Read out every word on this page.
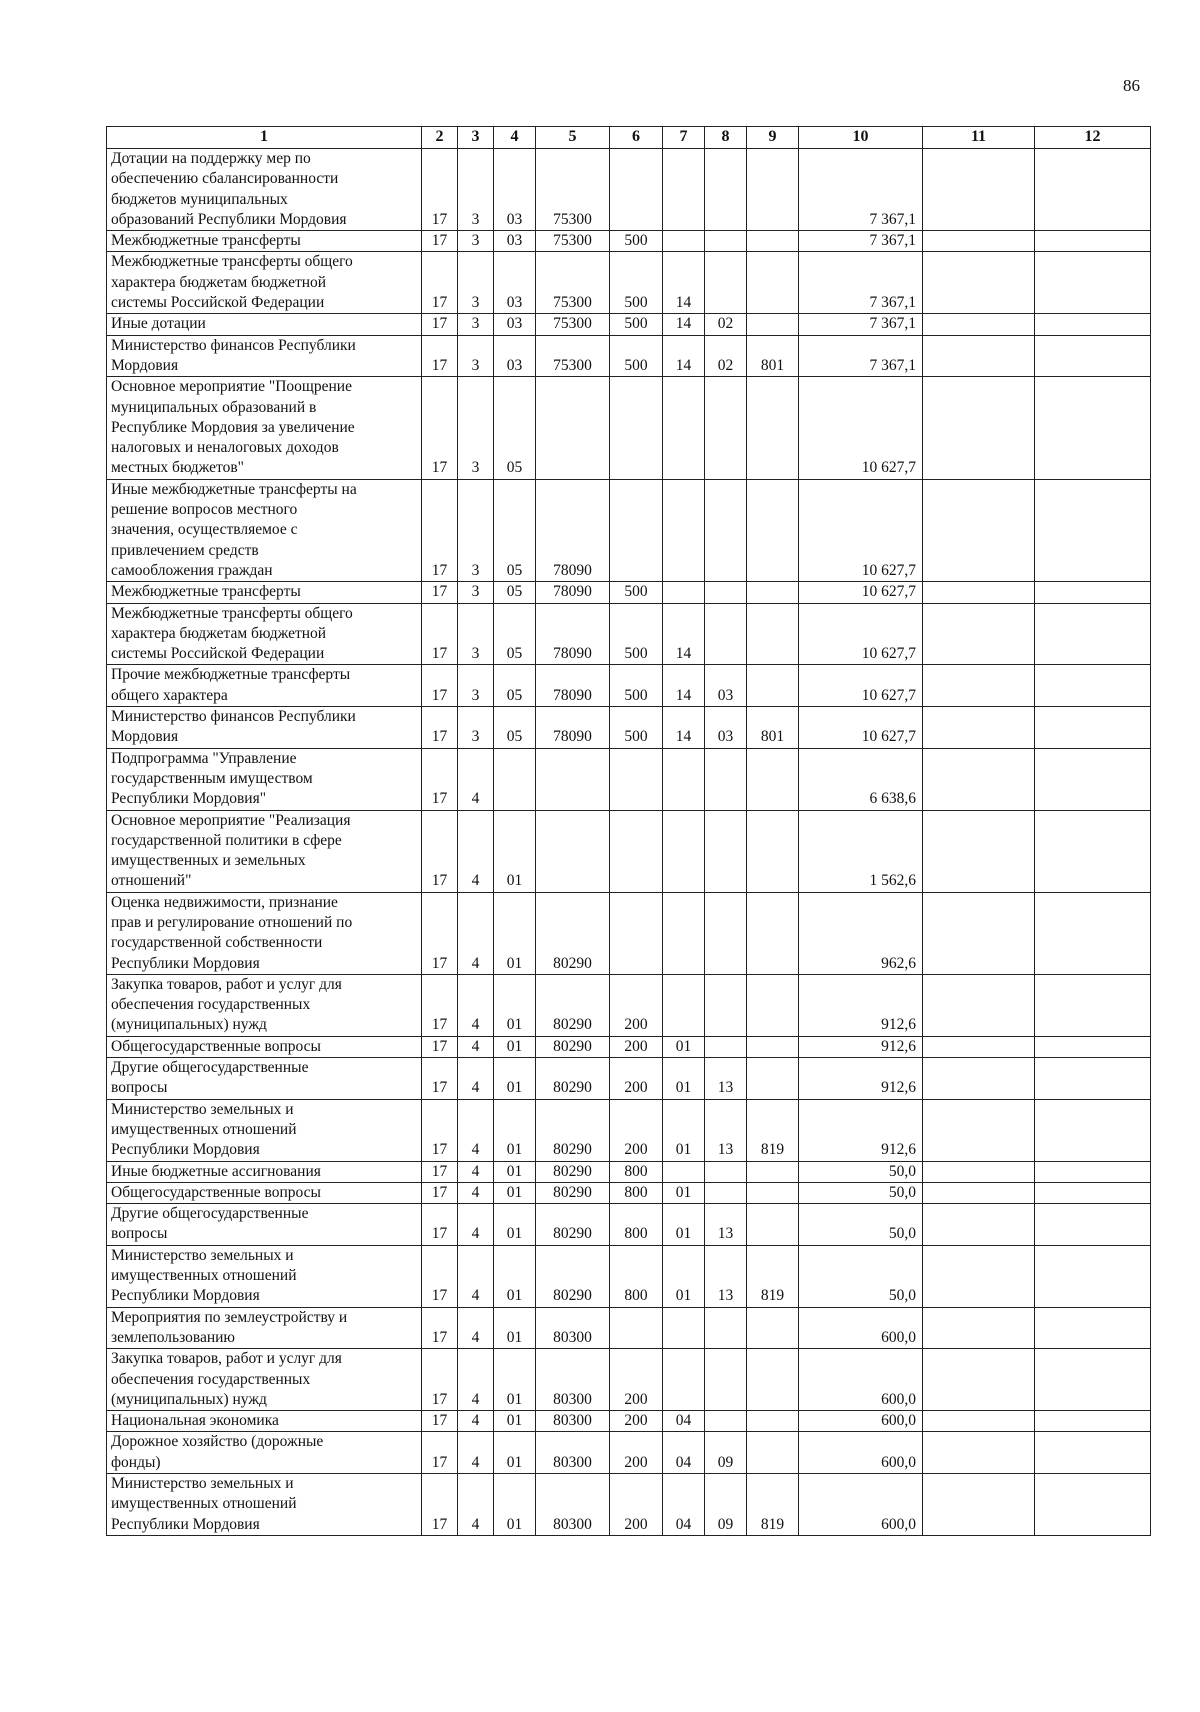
86
1	2	3	4	5	6	7	8	9	10	11	12

Дотации на поддержку мер по
обеспечению сбалансированности
бюджетов муниципальных
образований Республики Мордовия	17	3	03	75300					7 367,1		

Межбюджетные трансферты	17	3	03	75300	500				7 367,1		

Межбюджетные трансферты общего
характера бюджетам бюджетной
системы Российской Федерации	17	3	03	75300	500	14			7 367,1		

Иные дотации	17	3	03	75300	500	14	02		7 367,1		

Министерство финансов Республики
Мордовия	17	3	03	75300	500	14	02	801	7 367,1		

Основное мероприятие "Поощрение
муниципальных образований в
Республике Мордовия за увеличение
налоговых и неналоговых доходов
местных бюджетов"	17	3	05						10 627,7		

Иные межбюджетные трансферты на
решение вопросов местного
значения, осуществляемое с
привлечением средств
самообложения граждан	17	3	05	78090					10 627,7		

Межбюджетные трансферты	17	3	05	78090	500				10 627,7		

Межбюджетные трансферты общего
характера бюджетам бюджетной
системы Российской Федерации	17	3	05	78090	500	14			10 627,7		

Прочие межбюджетные трансферты
общего характера	17	3	05	78090	500	14	03		10 627,7		

Министерство финансов Республики
Мордовия	17	3	05	78090	500	14	03	801	10 627,7		

Подпрограмма "Управление
государственным имуществом
Республики Мордовия"	17	4							6 638,6		

Основное мероприятие "Реализация
государственной политики в сфере
имущественных и земельных
отношений"	17	4	01						1 562,6		

Оценка недвижимости, признание
прав и регулирование отношений по
государственной собственности
Республики Мордовия	17	4	01	80290					962,6		

Закупка товаров, работ и услуг для
обеспечения государственных
(муниципальных) нужд	17	4	01	80290	200				912,6		

Общегосударственные вопросы	17	4	01	80290	200	01			912,6		

Другие общегосударственные
вопросы	17	4	01	80290	200	01	13		912,6		

Министерство земельных и
имущественных отношений
Республики Мордовия	17	4	01	80290	200	01	13	819	912,6		

Иные бюджетные ассигнования	17	4	01	80290	800				50,0		

Общегосударственные вопросы	17	4	01	80290	800	01			50,0		

Другие общегосударственные
вопросы	17	4	01	80290	800	01	13		50,0		

Министерство земельных и
имущественных отношений
Республики Мордовия	17	4	01	80290	800	01	13	819	50,0		

Мероприятия по землеустройству и
землепользованию	17	4	01	80300					600,0		

Закупка товаров, работ и услуг для
обеспечения государственных
(муниципальных) нужд	17	4	01	80300	200				600,0		

Национальная экономика	17	4	01	80300	200	04			600,0		

Дорожное хозяйство (дорожные
фонды)	17	4	01	80300	200	04	09		600,0		

Министерство земельных и
имущественных отношений
Республики Мордовия	17	4	01	80300	200	04	09	819	600,0		
